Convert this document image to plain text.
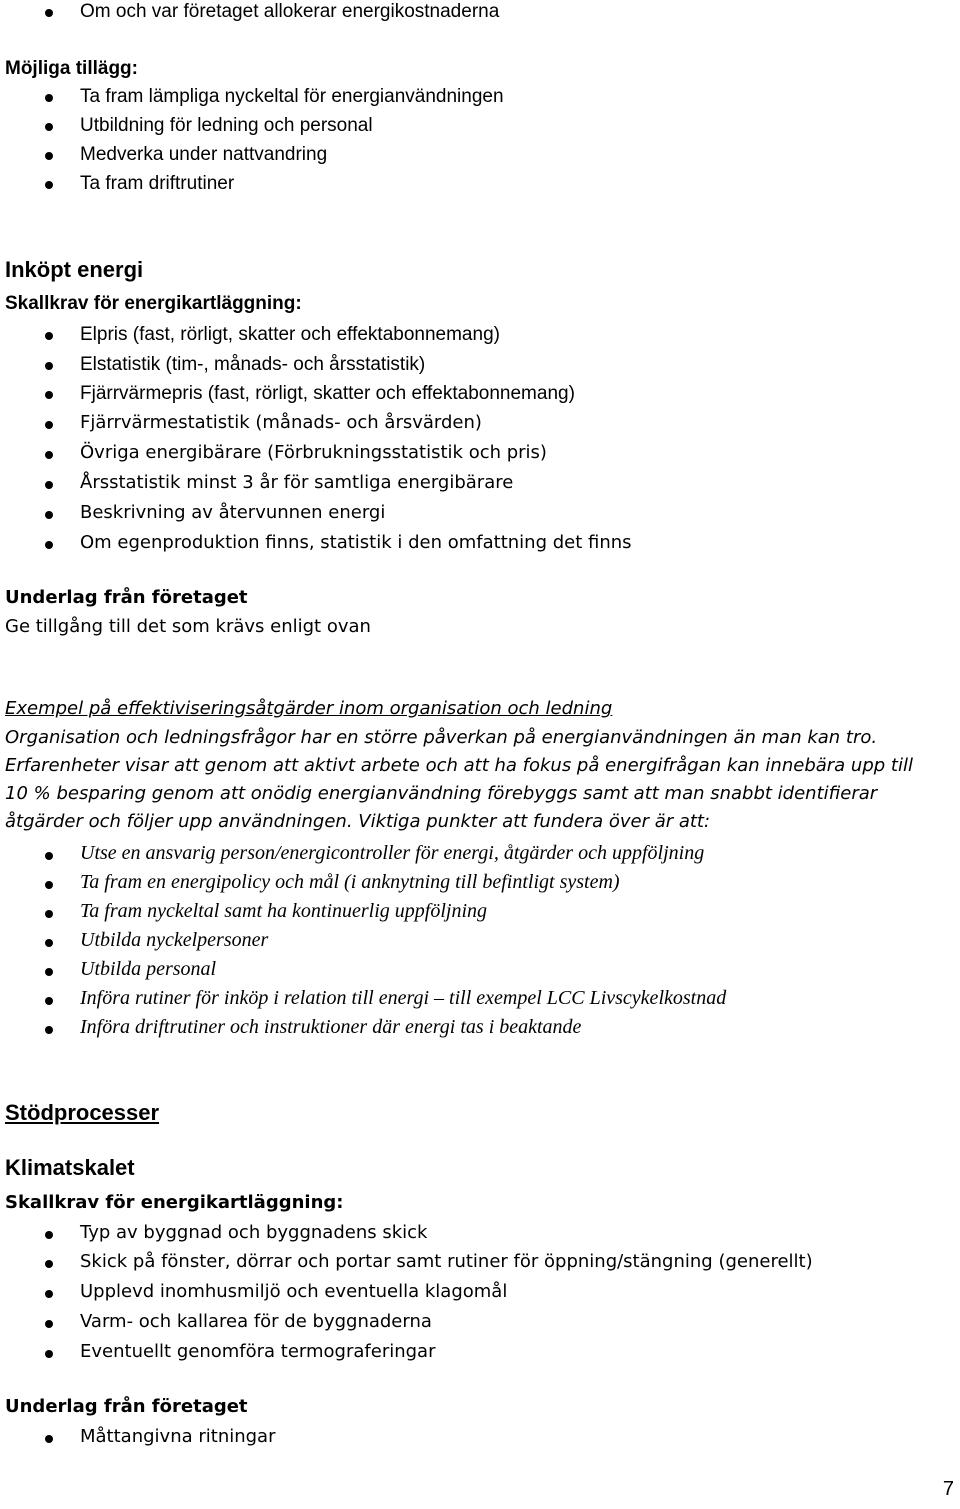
Om och var företaget allokerar energikostnaderna
Möjliga tillägg:
Ta fram lämpliga nyckeltal för energianvändningen
Utbildning för ledning och personal
Medverka under nattvandring
Ta fram driftrutiner
Inköpt energi
Skallkrav för energikartläggning:
Elpris (fast, rörligt, skatter och effektabonnemang)
Elstatistik (tim-, månads- och årsstatistik)
Fjärrvärmepris (fast, rörligt, skatter och effektabonnemang)
Fjärrvärmestatistik (månads- och årsvärden)
Övriga energibärare (Förbrukningsstatistik och pris)
Årsstatistik minst 3 år för samtliga energibärare
Beskrivning av återvunnen energi
Om egenproduktion finns, statistik i den omfattning det finns
Underlag från företaget
Ge tillgång till det som krävs enligt ovan
Exempel på effektiviseringsåtgärder inom organisation och ledning
Organisation och ledningsfrågor har en större påverkan på energianvändningen än man kan tro.
Erfarenheter visar att genom att aktivt arbete och att ha fokus på energifrågan kan innebära upp till
10 % besparing genom att onödig energianvändning förebyggs samt att man snabbt identifierar
åtgärder och följer upp användningen. Viktiga punkter att fundera över är att:
Utse en ansvarig person/energicontroller för energi, åtgärder och uppföljning
Ta fram en energipolicy och mål (i anknytning till befintligt system)
Ta fram nyckeltal samt ha kontinuerlig uppföljning
Utbilda nyckelpersoner
Utbilda personal
Införa rutiner för inköp i relation till energi – till exempel LCC Livscykelkostnad
Införa driftrutiner och instruktioner där energi tas i beaktande
Stödprocesser
Klimatskalet
Skallkrav för energikartläggning:
Typ av byggnad och byggnadens skick
Skick på fönster, dörrar och portar samt rutiner för öppning/stängning (generellt)
Upplevd inomhusmiljö och eventuella klagomål
Varm- och kallarea för de byggnaderna
Eventuellt genomföra termograferingar
Underlag från företaget
Måttangivna ritningar
7
